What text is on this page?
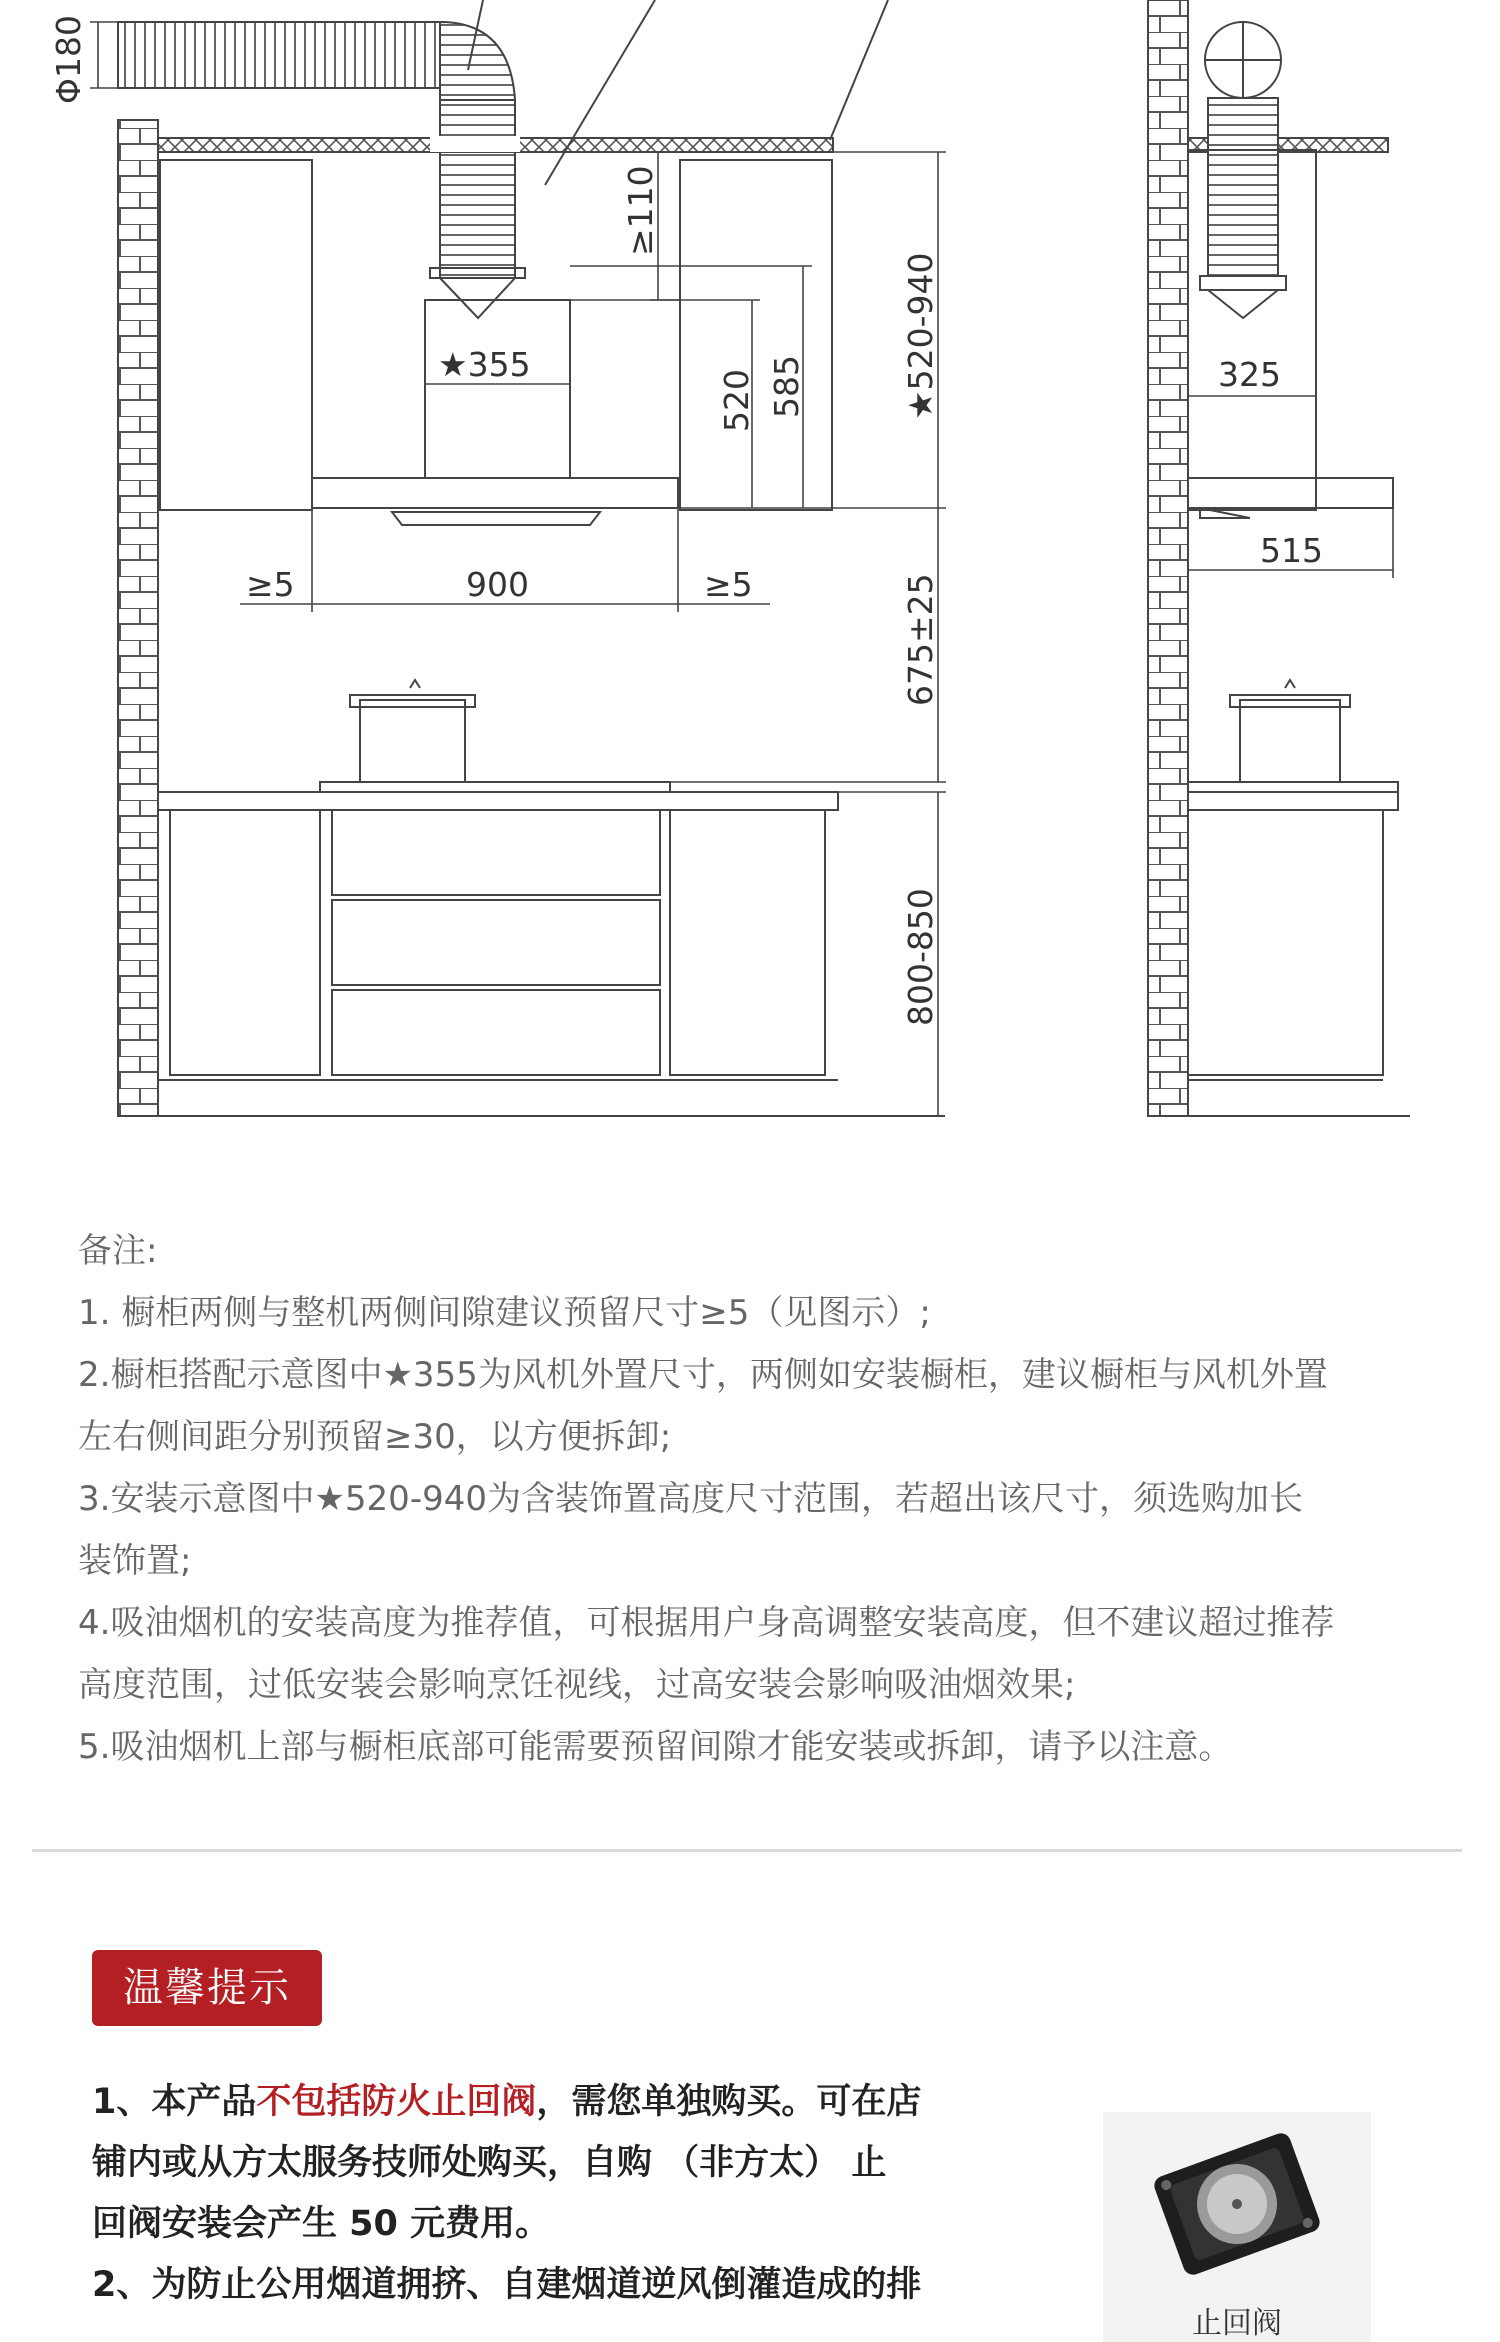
Φ180
≥110
★355
520 585	★520-940
≥5	900	≥5	675±25
800-850
325
515

备注:

1. 橱柜两侧与整机两侧间隙建议预留尺寸≥5（见图示）;

2.橱柜搭配示意图中★355为风机外置尺寸，两侧如安装橱柜，建议橱柜与风机外置

左右侧间距分别预留≥30，以方便拆卸;

3.安装示意图中★520-940为含装饰置高度尺寸范围，若超出该尺寸，须选购加长

装饰置;

4.吸油烟机的安装高度为推荐值，可根据用户身高调整安装高度，但不建议超过推荐

高度范围，过低安装会影响烹饪视线，过高安装会影响吸油烟效果;

5.吸油烟机上部与橱柜底部可能需要预留间隙才能安装或拆卸，请予以注意。

温馨提示

1、本产品不包括防火止回阀，需您单独购买。可在店

铺内或从方太服务技师处购买，自购 （非方太） 止

回阀安装会产生 50 元费用。

2、为防止公用烟道拥挤、自建烟道逆风倒灌造成的排

止回阀
